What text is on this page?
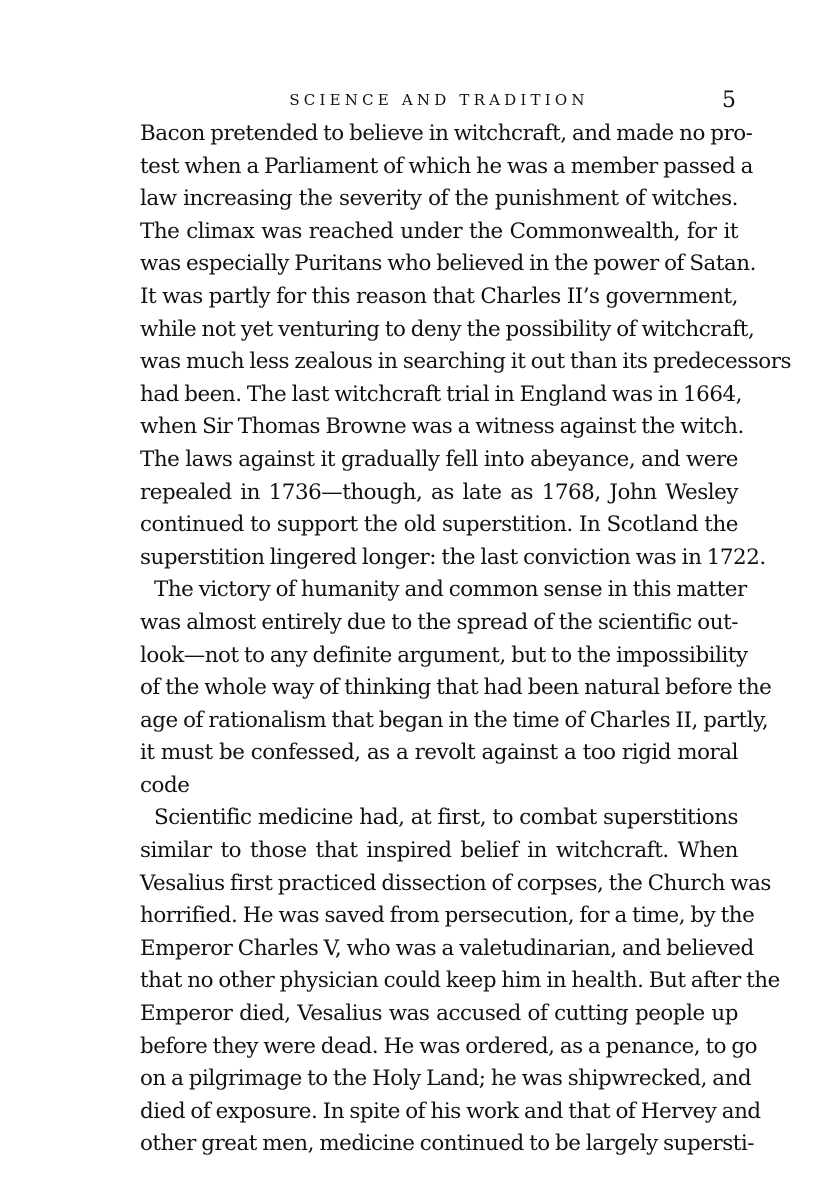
SCIENCE AND TRADITION	5
Bacon pretended to believe in witchcraft, and made no pro-
test when a Parliament of which he was a member passed a
law increasing the severity of the punishment of witches.
The climax was reached under the Commonwealth, for it
was especially Puritans who believed in the power of Satan.
It was partly for this reason that Charles II’s government,
while not yet venturing to deny the possibility of witchcraft,
was much less zealous in searching it out than its predecessors
had been. The last witchcraft trial in England was in 1664,
when Sir Thomas Browne was a witness against the witch.
The laws against it gradually fell into abeyance, and were
repealed in 1736—though, as late as 1768, John Wesley
continued to support the old superstition. In Scotland the
superstition lingered longer: the last conviction was in 1722.
The victory of humanity and common sense in this matter
was almost entirely due to the spread of the scientific out-
look—not to any definite argument, but to the impossibility
of the whole way of thinking that had been natural before the
age of rationalism that began in the time of Charles II, partly,
it must be confessed, as a revolt against a too rigid moral
code
Scientific medicine had, at first, to combat superstitions
similar to those that inspired belief in witchcraft. When
Vesalius first practiced dissection of corpses, the Church was
horrified. He was saved from persecution, for a time, by the
Emperor Charles V, who was a valetudinarian, and believed
that no other physician could keep him in health. But after the
Emperor died, Vesalius was accused of cutting people up
before they were dead. He was ordered, as a penance, to go
on a pilgrimage to the Holy Land; he was shipwrecked, and
died of exposure. In spite of his work and that of Hervey and
other great men, medicine continued to be largely supersti-
